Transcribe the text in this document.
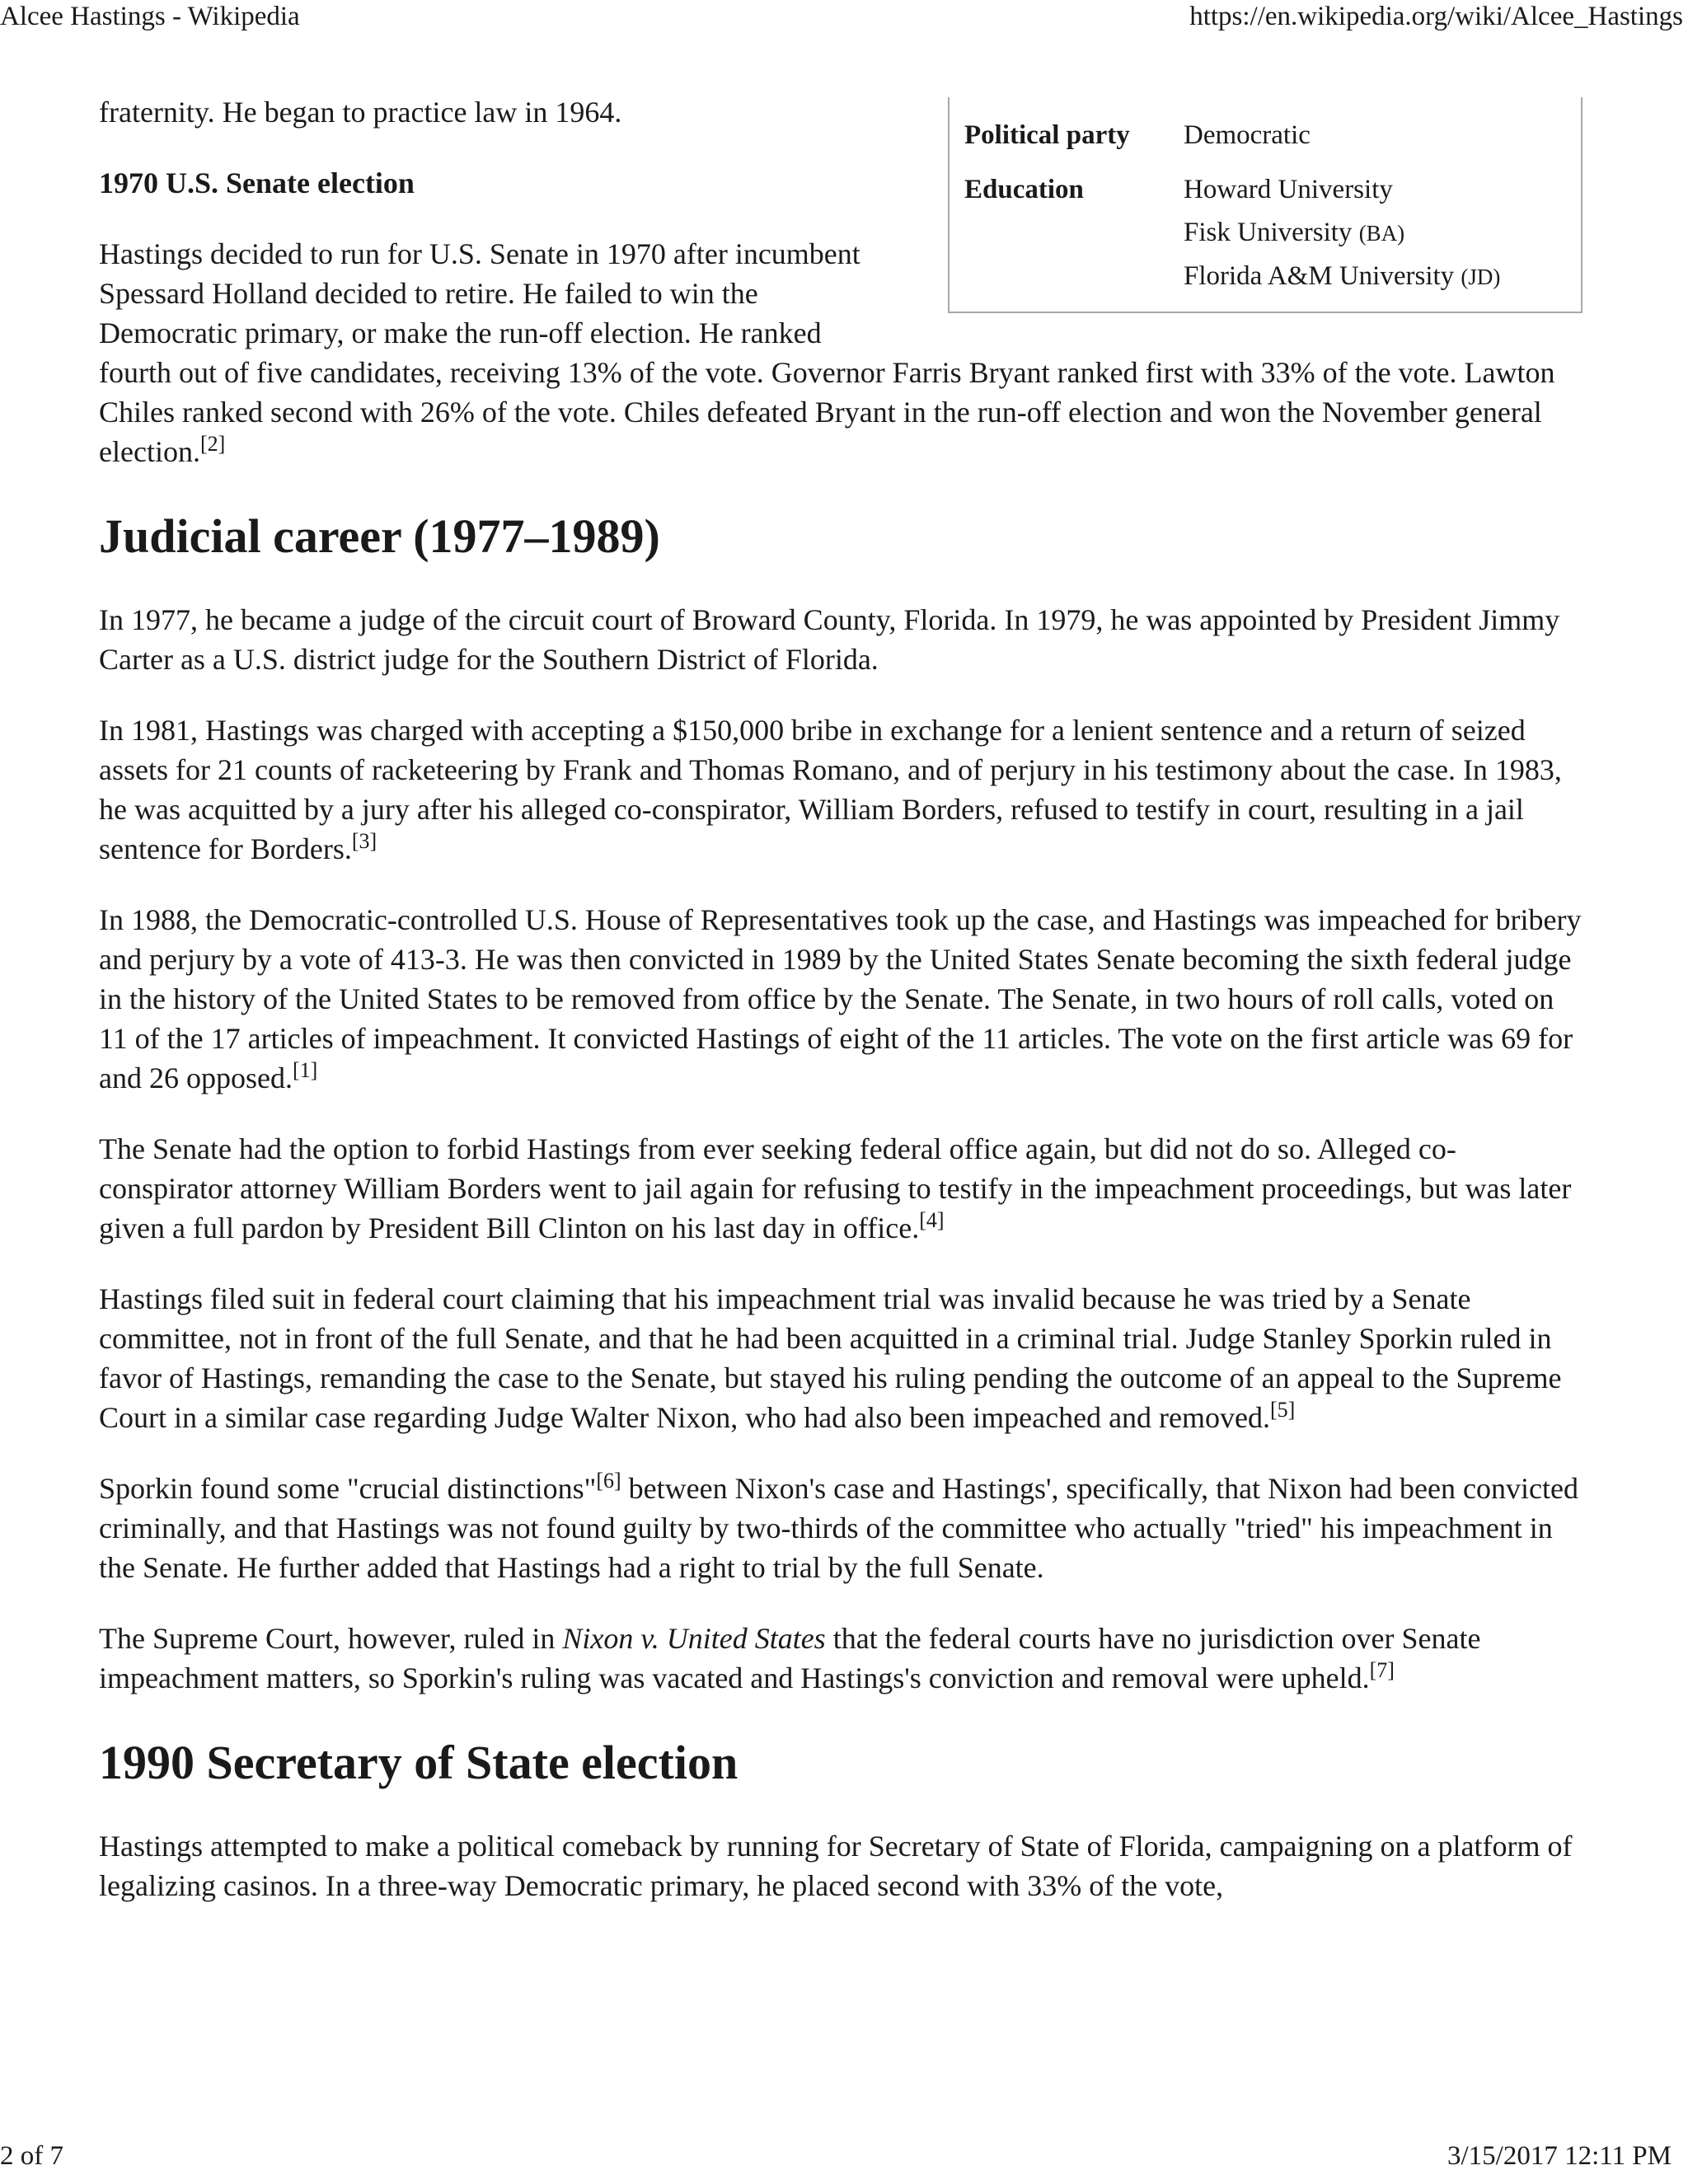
Alcee Hastings - Wikipedia	https://en.wikipedia.org/wiki/Alcee_Hastings
Political party Democratic
Education	Howard University
Fisk University (BA)
Florida A&M University (JD)

fraternity. He began to practice law in 1964.

1970 U.S. Senate election

Hastings decided to run for U.S. Senate in 1970 after incumbent Spessard Holland decided to retire. He failed to win the Democratic primary, or make the run-off election. He ranked fourth out of five candidates, receiving 13% of the vote. Governor Farris Bryant ranked first with 33% of the vote. Lawton Chiles ranked second with 26% of the vote. Chiles defeated Bryant in the run-off election and won the November general election.[2]

Judicial career (1977–1989)

In 1977, he became a judge of the circuit court of Broward County, Florida. In 1979, he was appointed by President Jimmy Carter as a U.S. district judge for the Southern District of Florida.

In 1981, Hastings was charged with accepting a $150,000 bribe in exchange for a lenient sentence and a return of seized assets for 21 counts of racketeering by Frank and Thomas Romano, and of perjury in his testimony about the case. In 1983, he was acquitted by a jury after his alleged co-conspirator, William Borders, refused to testify in court, resulting in a jail sentence for Borders.[3]

In 1988, the Democratic-controlled U.S. House of Representatives took up the case, and Hastings was impeached for bribery and perjury by a vote of 413-3. He was then convicted in 1989 by the United States Senate becoming the sixth federal judge in the history of the United States to be removed from office by the Senate. The Senate, in two hours of roll calls, voted on 11 of the 17 articles of impeachment. It convicted Hastings of eight of the 11 articles. The vote on the first article was 69 for and 26 opposed.[1]

The Senate had the option to forbid Hastings from ever seeking federal office again, but did not do so. Alleged co-conspirator attorney William Borders went to jail again for refusing to testify in the impeachment proceedings, but was later given a full pardon by President Bill Clinton on his last day in office.[4]

Hastings filed suit in federal court claiming that his impeachment trial was invalid because he was tried by a Senate committee, not in front of the full Senate, and that he had been acquitted in a criminal trial. Judge Stanley Sporkin ruled in favor of Hastings, remanding the case to the Senate, but stayed his ruling pending the outcome of an appeal to the Supreme Court in a similar case regarding Judge Walter Nixon, who had also been impeached and removed.[5]

Sporkin found some "crucial distinctions"[6] between Nixon's case and Hastings', specifically, that Nixon had been convicted criminally, and that Hastings was not found guilty by two-thirds of the committee who actually "tried" his impeachment in the Senate. He further added that Hastings had a right to trial by the full Senate.

The Supreme Court, however, ruled in Nixon v. United States that the federal courts have no jurisdiction over Senate impeachment matters, so Sporkin's ruling was vacated and Hastings's conviction and removal were upheld.[7]

1990 Secretary of State election

Hastings attempted to make a political comeback by running for Secretary of State of Florida, campaigning on a platform of legalizing casinos. In a three-way Democratic primary, he placed second with 33% of the vote,

2 of 7	3/15/2017 12:11 PM
